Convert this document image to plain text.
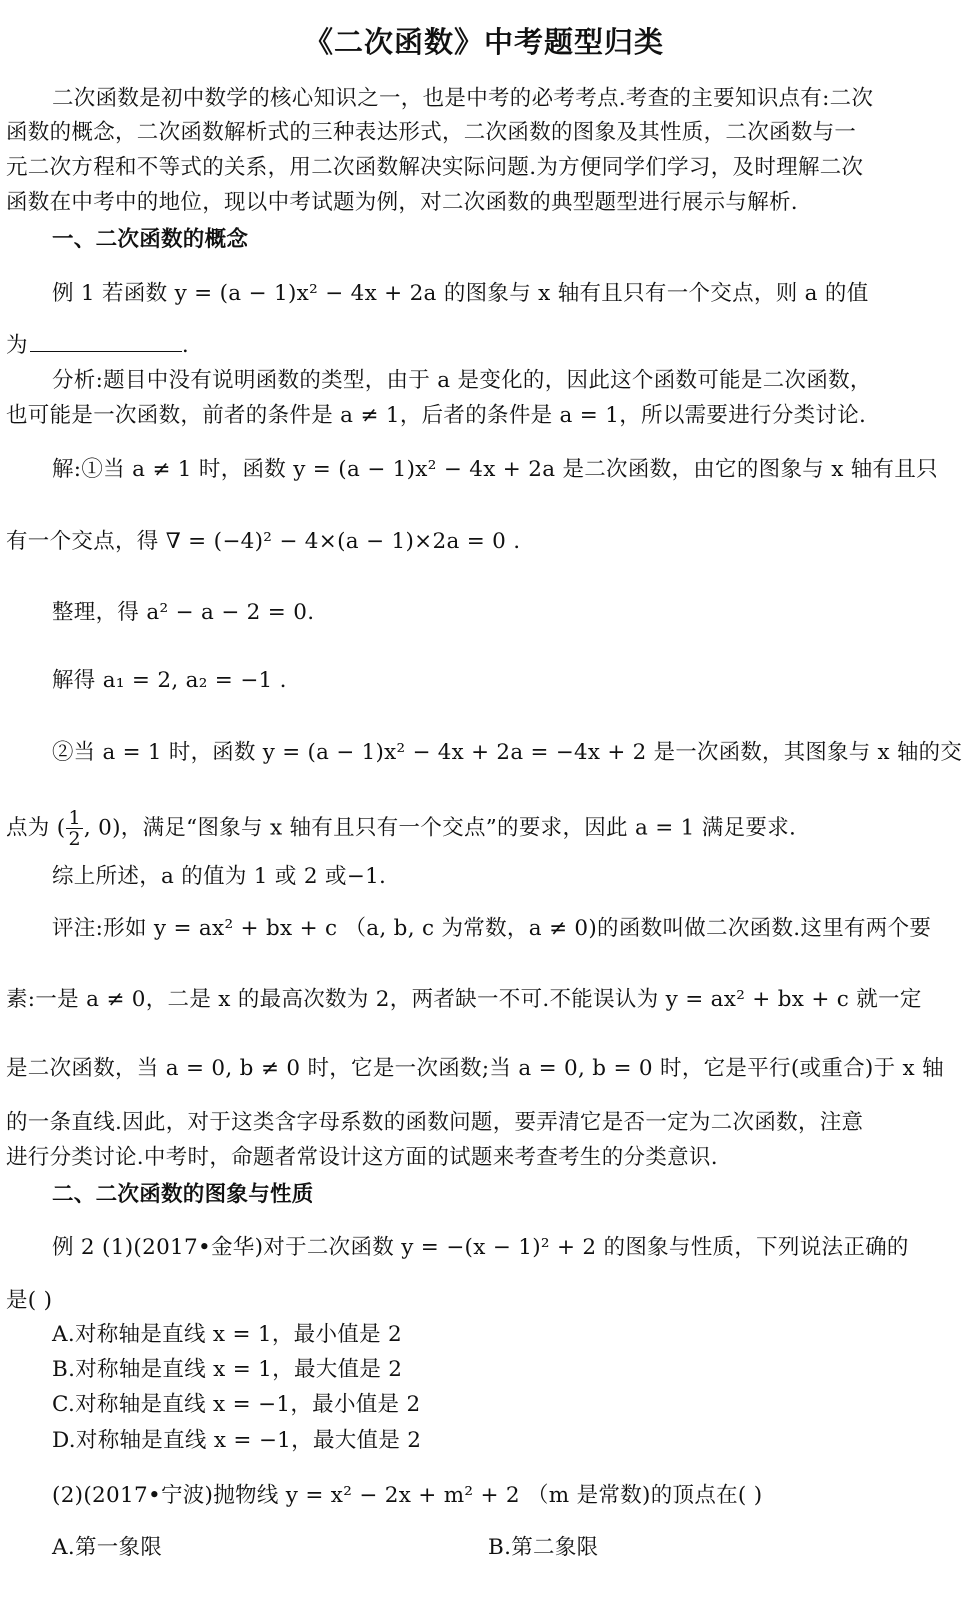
《二次函数》中考题型归类
二次函数是初中数学的核心知识之一，也是中考的必考考点.考查的主要知识点有:二次
函数的概念，二次函数解析式的三种表达形式，二次函数的图象及其性质，二次函数与一
元二次方程和不等式的关系，用二次函数解决实际问题.为方便同学们学习，及时理解二次
函数在中考中的地位，现以中考试题为例，对二次函数的典型题型进行展示与解析.
一、二次函数的概念
例 1 若函数 y = (a − 1)x² − 4x + 2a 的图象与 x 轴有且只有一个交点，则 a 的值
为	.
分析:题目中没有说明函数的类型，由于 a 是变化的，因此这个函数可能是二次函数，
也可能是一次函数，前者的条件是 a ≠ 1，后者的条件是 a = 1，所以需要进行分类讨论.
解:①当 a ≠ 1 时，函数 y = (a − 1)x² − 4x + 2a 是二次函数，由它的图象与 x 轴有且只
有一个交点，得 ∇ = (−4)² − 4×(a − 1)×2a = 0 .
整理，得 a² − a − 2 = 0.
解得 a₁ = 2, a₂ = −1 .
②当 a = 1 时，函数 y = (a − 1)x² − 4x + 2a = −4x + 2 是一次函数，其图象与 x 轴的交
点为 ( $\frac{1}{2}$ , 0)，满足“图象与 x 轴有且只有一个交点”的要求，因此 a = 1 满足要求.
综上所述，a 的值为 1 或 2 或−1.
评注:形如 y = ax² + bx + c （a, b, c 为常数，a ≠ 0)的函数叫做二次函数.这里有两个要
素:一是 a ≠ 0，二是 x 的最高次数为 2，两者缺一不可.不能误认为 y = ax² + bx + c 就一定
是二次函数，当 a = 0, b ≠ 0 时，它是一次函数;当 a = 0, b = 0 时，它是平行(或重合)于 x 轴
的一条直线.因此，对于这类含字母系数的函数问题，要弄清它是否一定为二次函数，注意
进行分类讨论.中考时，命题者常设计这方面的试题来考查考生的分类意识.
二、二次函数的图象与性质
例 2 (1)(2017•金华)对于二次函数 y = −(x − 1)² + 2 的图象与性质，下列说法正确的
是( )
A.对称轴是直线 x = 1，最小值是 2
B.对称轴是直线 x = 1，最大值是 2
C.对称轴是直线 x = −1，最小值是 2
D.对称轴是直线 x = −1，最大值是 2
(2)(2017•宁波)抛物线 y = x² − 2x + m² + 2 （m 是常数)的顶点在( )
A.第一象限	B.第二象限
